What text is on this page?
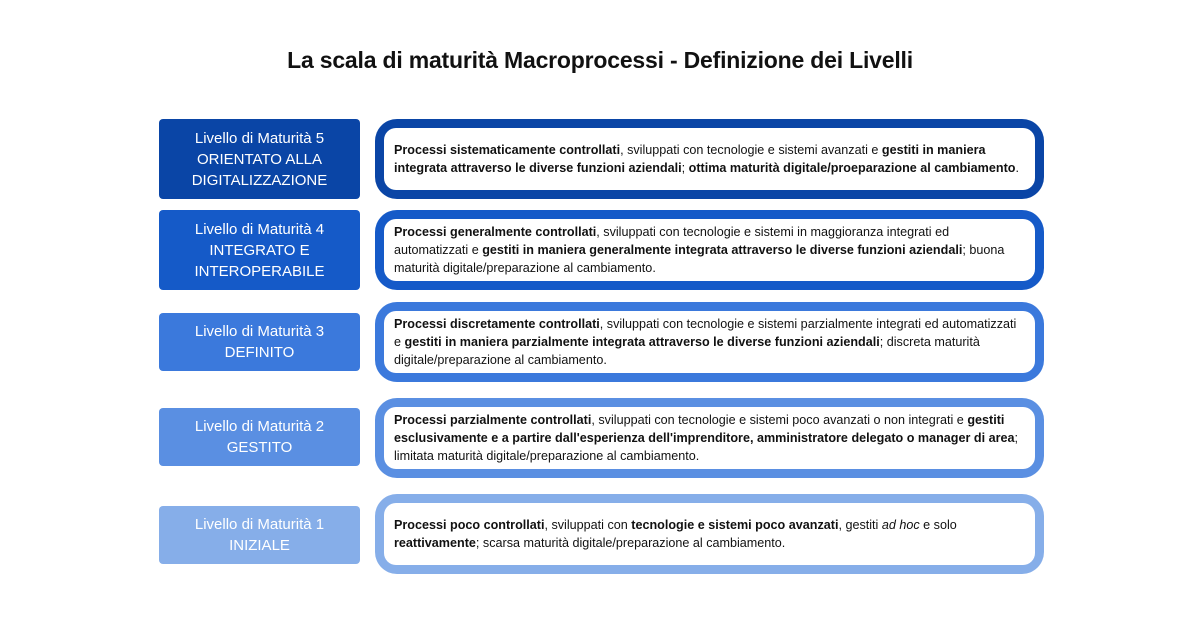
La scala di maturità Macroprocessi - Definizione dei Livelli
Livello di Maturità 5
ORIENTATO ALLA
DIGITALIZZAZIONE

Processi sistematicamente controllati, sviluppati con tecnologie e sistemi avanzati e gestiti in maniera integrata attraverso le diverse funzioni aziendali; ottima maturità digitale/proeparazione al cambiamento.

Livello di Maturità 4
INTEGRATO E
INTEROPERABILE

Processi generalmente controllati, sviluppati con tecnologie e sistemi in maggioranza integrati ed automatizzati e gestiti in maniera generalmente integrata attraverso le diverse funzioni aziendali; buona maturità digitale/preparazione al cambiamento.

Livello di Maturità 3
DEFINITO

Processi discretamente controllati, sviluppati con tecnologie e sistemi parzialmente integrati ed automatizzati e gestiti in maniera parzialmente integrata attraverso le diverse funzioni aziendali; discreta maturità digitale/preparazione al cambiamento.

Livello di Maturità 2
GESTITO

Processi parzialmente controllati, sviluppati con tecnologie e sistemi poco avanzati o non integrati e gestiti esclusivamente e a partire dall'esperienza dell'imprenditore, amministratore delegato o manager di area; limitata maturità digitale/preparazione al cambiamento.

Livello di Maturità 1
INIZIALE

Processi poco controllati, sviluppati con tecnologie e sistemi poco avanzati, gestiti ad hoc e solo reattivamente; scarsa maturità digitale/preparazione al cambiamento.
